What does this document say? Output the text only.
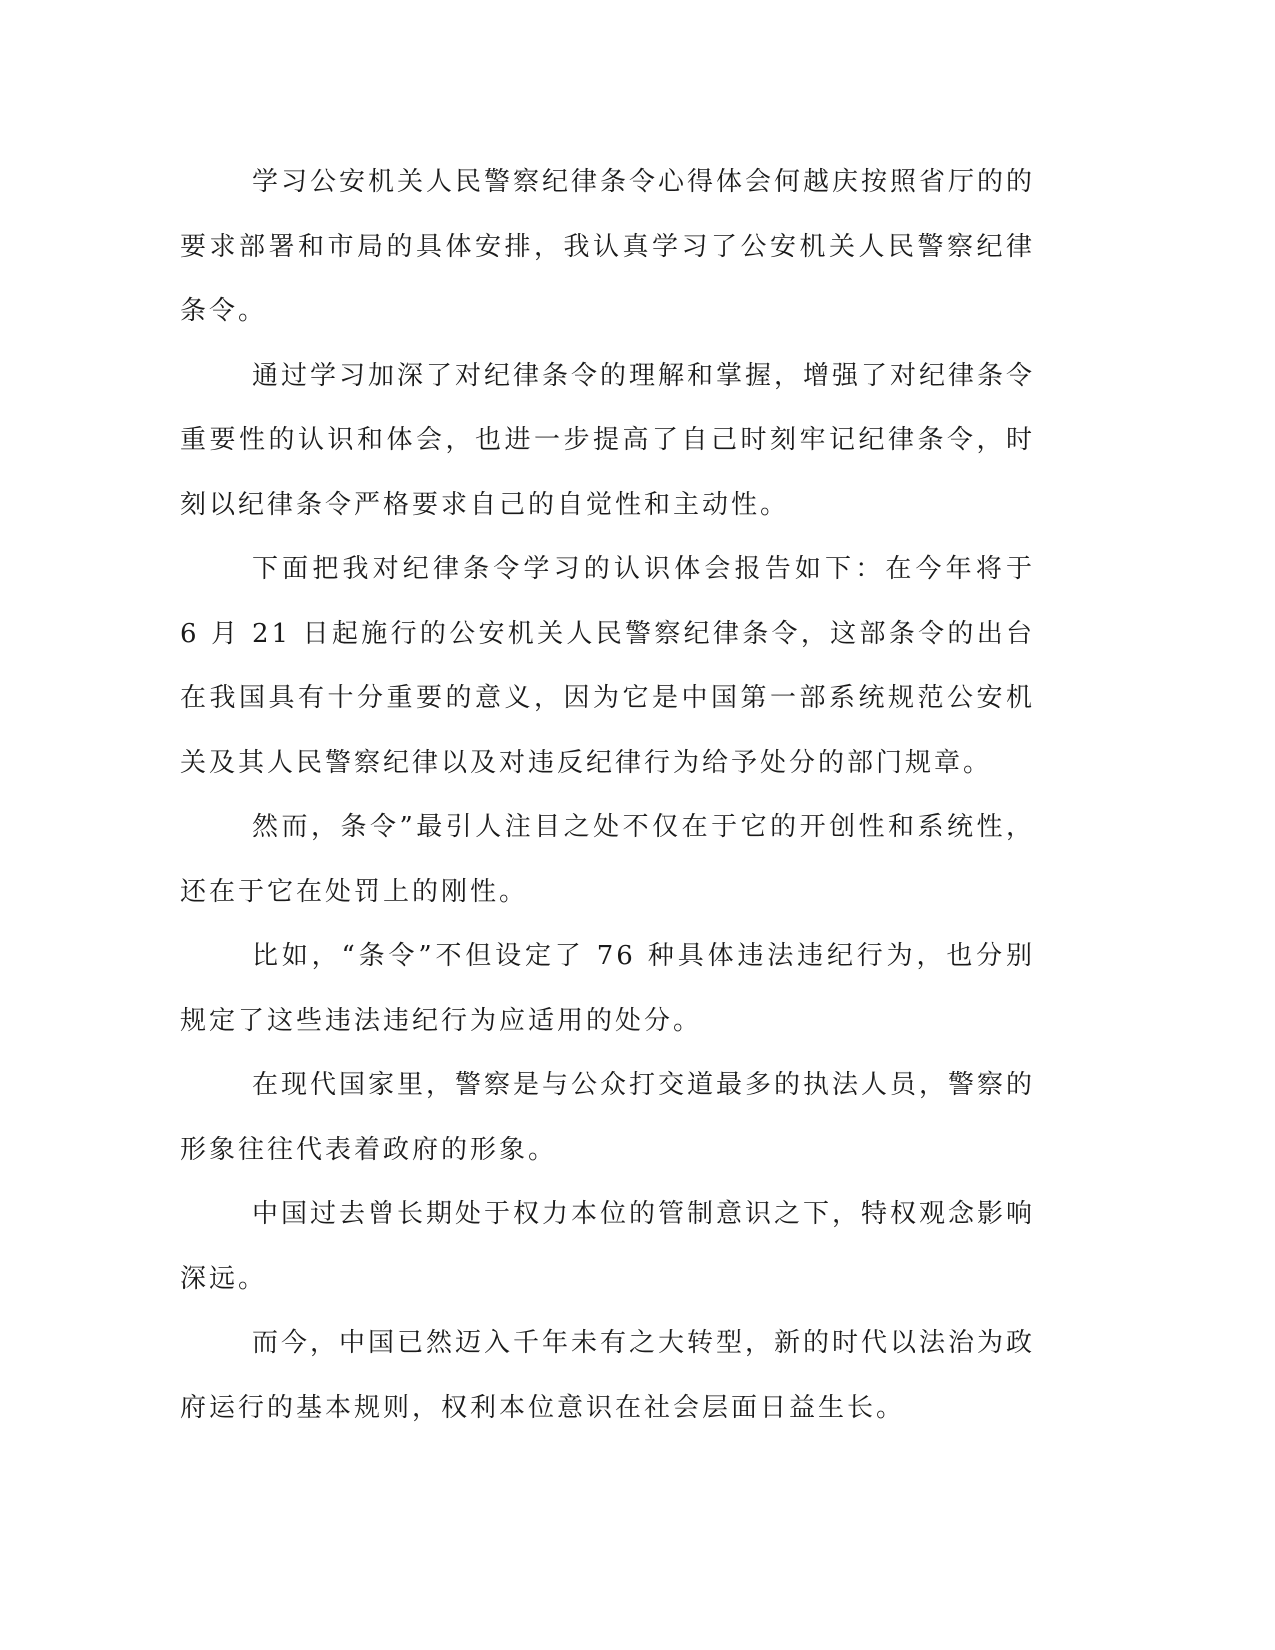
学习公安机关人民警察纪律条令心得体会何越庆按照省厅的的要求部署和市局的具体安排，我认真学习了公安机关人民警察纪律条令。

通过学习加深了对纪律条令的理解和掌握，增强了对纪律条令重要性的认识和体会，也进一步提高了自己时刻牢记纪律条令，时刻以纪律条令严格要求自己的自觉性和主动性。

下面把我对纪律条令学习的认识体会报告如下：在今年将于 6 月 21 日起施行的公安机关人民警察纪律条令，这部条令的出台在我国具有十分重要的意义，因为它是中国第一部系统规范公安机关及其人民警察纪律以及对违反纪律行为给予处分的部门规章。

然而，条令”最引人注目之处不仅在于它的开创性和系统性，还在于它在处罚上的刚性。

比如，“条令”不但设定了 76 种具体违法违纪行为，也分别规定了这些违法违纪行为应适用的处分。

在现代国家里，警察是与公众打交道最多的执法人员，警察的形象往往代表着政府的形象。

中国过去曾长期处于权力本位的管制意识之下，特权观念影响深远。

而今，中国已然迈入千年未有之大转型，新的时代以法治为政府运行的基本规则，权利本位意识在社会层面日益生长。
